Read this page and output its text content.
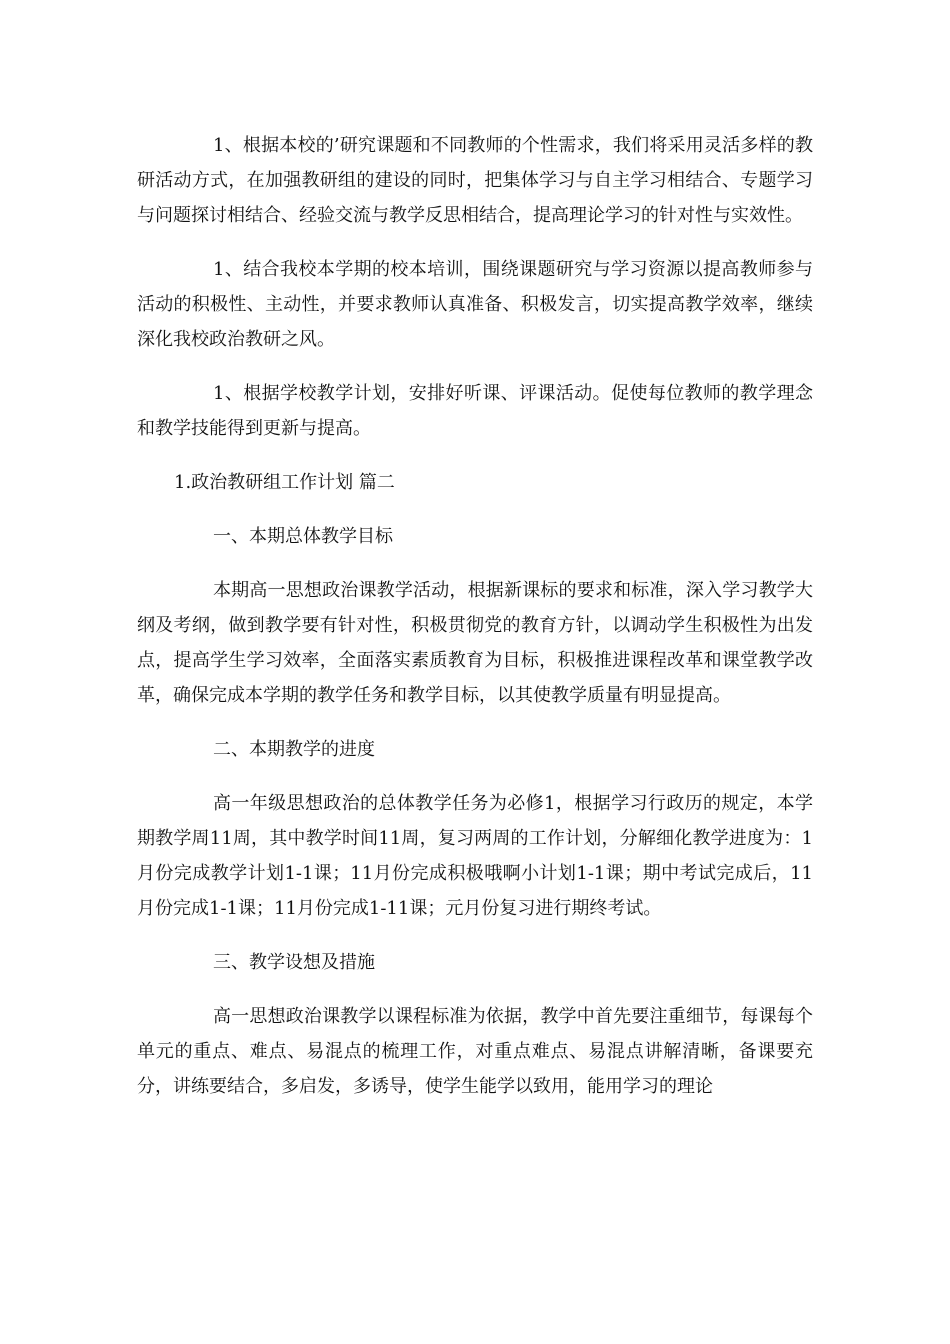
1、根据本校的’研究课题和不同教师的个性需求，我们将采用灵活多样的教研活动方式，在加强教研组的建设的同时，把集体学习与自主学习相结合、专题学习与问题探讨相结合、经验交流与教学反思相结合，提高理论学习的针对性与实效性。

1、结合我校本学期的校本培训，围绕课题研究与学习资源以提高教师参与活动的积极性、主动性，并要求教师认真准备、积极发言，切实提高教学效率，继续深化我校政治教研之风。

1、根据学校教学计划，安排好听课、评课活动。促使每位教师的教学理念和教学技能得到更新与提高。

1.政治教研组工作计划 篇二

一、本期总体教学目标

本期高一思想政治课教学活动，根据新课标的要求和标准，深入学习教学大纲及考纲，做到教学要有针对性，积极贯彻党的教育方针，以调动学生积极性为出发点，提高学生学习效率，全面落实素质教育为目标，积极推进课程改革和课堂教学改革，确保完成本学期的教学任务和教学目标，以其使教学质量有明显提高。

二、本期教学的进度

高一年级思想政治的总体教学任务为必修1，根据学习行政历的规定，本学期教学周11周，其中教学时间11周，复习两周的工作计划，分解细化教学进度为：1月份完成教学计划1-1课；11月份完成积极哦啊小计划1-1课；期中考试完成后，11月份完成1-1课；11月份完成1-11课；元月份复习进行期终考试。

三、教学设想及措施

高一思想政治课教学以课程标准为依据，教学中首先要注重细节，每课每个单元的重点、难点、易混点的梳理工作，对重点难点、易混点讲解清晰，备课要充分，讲练要结合，多启发，多诱导，使学生能学以致用，能用学习的理论
